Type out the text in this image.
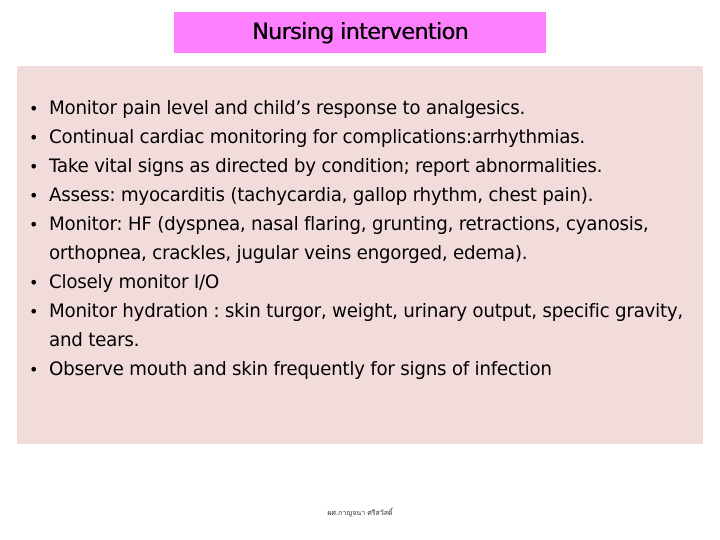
Nursing intervention
• Monitor pain level and child’s response to analgesics.
• Continual cardiac monitoring for complications:arrhythmias.
• Take vital signs as directed by condition; report abnormalities.
• Assess: myocarditis (tachycardia, gallop rhythm, chest pain).
• Monitor: HF (dyspnea, nasal flaring, grunting, retractions, cyanosis, orthopnea, crackles, jugular veins engorged, edema).
• Closely monitor I/O
• Monitor hydration : skin turgor, weight, urinary output, specific gravity, and tears.
• Observe mouth and skin frequently for signs of infection
ผศ.กาญจนา ศรีสวัสดิ์
